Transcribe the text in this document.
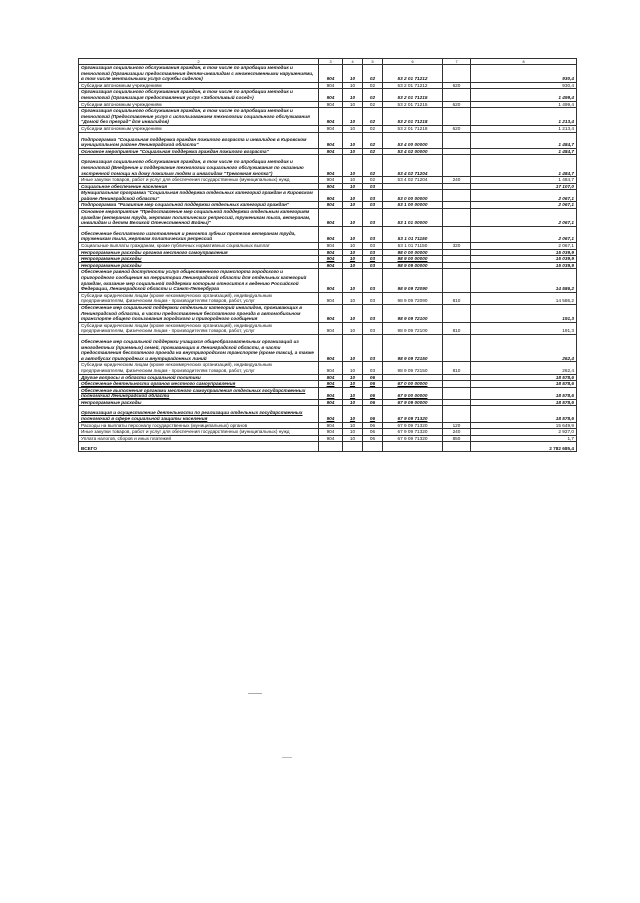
2	3	4	5	6	7	8
Организация социального обслуживания граждан, в том числе по апробации методик и технологий (Организации предоставления детям-инвалидам с множественными нарушениями, в том числе ментальными услуг службы сиделок)	904	10	02	53 2 01 71212		930,4
Субсидии автономным учреждениям	904	10	02	53 2 01 71212	620	930,4
Организация социального обслуживания граждан, в том числе по апробации методик и технологий (Организация предоставления услуг «Заботливый сосед»)	904	10	02	53 2 01 71215		1 499,4
Субсидии автономным учреждениям	904	10	02	53 2 01 71215	620	1 499,4
Организация социального обслуживания граждан, в том числе по апробации методик и технологий (Предоставление услуг с использованием технологии социального обслуживания "Домой без преград" для инвалидов)	904	10	02	53 2 01 71218		1 213,4
Субсидии автономным учреждениям	904	10	02	53 2 01 71218	620	1 213,4
Подпрограмма "Социальная поддержка граждан пожилого возраста и инвалидов в Кировском муниципальном районе Ленинградской области"	904	10	02	53 4 00 00000		1 484,7
Основное мероприятие "Социальная поддержка граждан пожилого возраста"	904	10	02	53 4 02 00000		1 484,7
Организация социального обслуживания граждан, в том числе по апробации методик и технологий (Внедрение и поддержание технологии социального обслуживания по оказанию экстренной помощи на дому пожилым людям и инвалидам "Тревожная кнопка")	904	10	02	53 4 02 71204		1 484,7
Иные закупки товаров, работ и услуг для обеспечения государственных (муниципальных) нужд	904	10	02	53 4 02 71204	240	1 484,7
Социальное обеспечение населения	904	10	03			17 107,0
Муниципальная программа "Социальная поддержка отдельных категорий граждан в Кировском районе Ленинградской области"	904	10	03	53 0 00 00000		2 067,1
Подпрограмма "Развитие мер социальной поддержки отдельных категорий граждан"	904	10	03	53 1 00 00000		2 067,1
Основное мероприятие "Предоставление мер социальной поддержки отдельным категориям граждан (ветеранам труда, жертвам политических репрессий, труженикам тыла, ветеранам, инвалидам и детям Великой Отечественной Войны)"	904	10	03	53 1 01 00000		2 067,1
Обеспечение бесплатного изготовления и ремонта зубных протезов ветеранам труда, труженикам тыла, жертвам политических репрессий	904	10	03	53 1 01 71150		2 067,1
Социальные выплаты гражданам, кроме публичных нормативных социальных выплат	904	10	03	53 1 01 71150	320	2 067,1
Непрограммные расходы органов местного самоуправления	904	10	03	98 0 00 00000		15 039,9
Непрограммные расходы	904	10	03	98 9 00 00000		15 039,9
Непрограммные расходы	904	10	03	98 9 09 00000		15 039,9
Обеспечение равной доступности услуг общественного транспорта городского и пригородного сообщения на территории Ленинградской области для отдельных категорий граждан, оказание мер социальной поддержки которым относится к ведению Российской Федерации, Ленинградской области и Санкт-Петербурга	904	10	03	98 9 09 72090		14 586,2
Субсидии юридическим лицам (кроме некоммерческих организаций), индивидуальным предпринимателям, физическим лицам - производителям товаров, работ, услуг	904	10	03	98 9 09 72090	810	14 586,2
Обеспечение мер социальной поддержки отдельных категорий инвалидов, проживающих в Ленинградской области, в части предоставления бесплатного проезда в автомобильном транспорте общего пользования городского и пригородного сообщения	904	10	03	98 9 09 72100		191,3
Субсидии юридическим лицам (кроме некоммерческих организаций), индивидуальным предпринимателям, физическим лицам - производителям товаров, работ, услуг	904	10	03	98 9 09 72100	810	191,3
Обеспечение мер социальной поддержки учащихся общеобразовательных организаций из многодетных (приемных) семей, проживающих в Ленинградской области, в части предоставления бесплатного проезда на внутригородском транспорте (кроме такси), а также в автобусах пригородных и внутрирайонных линий	904	10	03	98 9 09 72150		262,4
Субсидии юридическим лицам (кроме некоммерческих организаций), индивидуальным предпринимателям, физическим лицам - производителям товаров, работ, услуг	904	10	03	98 9 09 72150	810	262,4
Другие вопросы в области социальной политики	904	10	06			18 578,6
Обеспечение деятельности органов местного самоуправления	904	10	06	67 0 00 00000		18 578,6
Обеспечение выполнения органами местного самоуправления отдельных государственных полномочий Ленинградской области	904	10	06	67 9 00 00000		18 578,6
Непрограммные расходы	904	10	06	67 9 09 00000		18 578,6
Организация и осуществление деятельности по реализации отдельных государственных полномочий в сфере социальной защиты населения	904	10	06	67 9 09 71320		18 578,6
Расходы на выплаты персоналу государственных (муниципальных) органов	904	10	06	67 9 09 71320	120	15 649,9
Иные закупки товаров, работ и услуг для обеспечения государственных (муниципальных) нужд	904	10	06	67 9 09 71320	240	2 927,0
Уплата налогов, сборов и иных платежей	904	10	06	67 9 09 71320	850	1,7
ВСЕГО						2 782 685,4
